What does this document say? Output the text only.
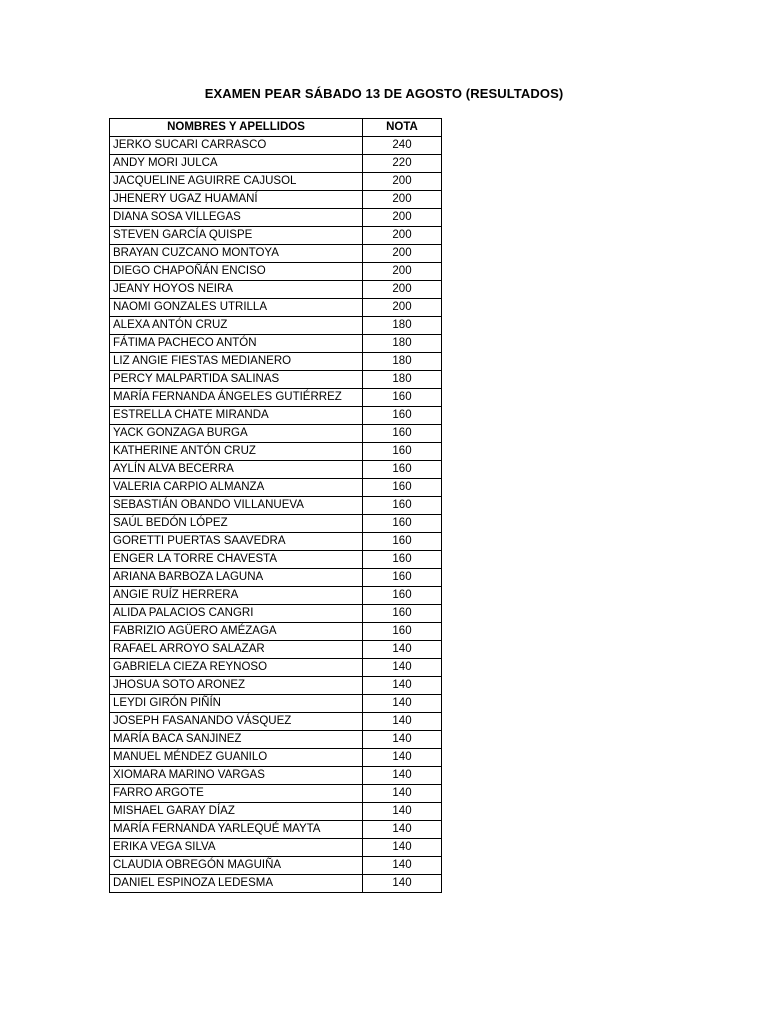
EXAMEN PEAR SÁBADO 13 DE AGOSTO (RESULTADOS)
NOMBRES Y APELLIDOS	NOTA
JERKO SUCARI CARRASCO	240
ANDY MORI JULCA	220
JACQUELINE AGUIRRE CAJUSOL	200
JHENERY UGAZ HUAMANÍ	200
DIANA SOSA VILLEGAS	200
STEVEN GARCÍA QUISPE	200
BRAYAN CUZCANO MONTOYA	200
DIEGO CHAPOÑÁN ENCISO	200
JEANY HOYOS NEIRA	200
NAOMI GONZALES UTRILLA	200
ALEXA ANTÓN CRUZ	180
FÁTIMA PACHECO ANTÓN	180
LIZ ANGIE FIESTAS MEDIANERO	180
PERCY MALPARTIDA SALINAS	180
MARÍA FERNANDA ÁNGELES GUTIÉRREZ	160
ESTRELLA CHATE MIRANDA	160
YACK GONZAGA BURGA	160
KATHERINE ANTÓN CRUZ	160
AYLÍN ALVA BECERRA	160
VALERIA CARPIO ALMANZA	160
SEBASTIÁN OBANDO VILLANUEVA	160
SAÚL BEDÓN LÓPEZ	160
GORETTI PUERTAS SAAVEDRA	160
ENGER LA TORRE CHAVESTA	160
ARIANA BARBOZA LAGUNA	160
ANGIE RUÍZ HERRERA	160
ALIDA PALACIOS CANGRI	160
FABRIZIO AGÜERO AMÉZAGA	160
RAFAEL ARROYO SALAZAR	140
GABRIELA CIEZA REYNOSO	140
JHOSUA SOTO ARONEZ	140
LEYDI GIRÓN PIÑÍN	140
JOSEPH FASANANDO VÁSQUEZ	140
MARÍA BACA SANJINEZ	140
MANUEL MÉNDEZ GUANILO	140
XIOMARA MARINO VARGAS	140
FARRO ARGOTE	140
MISHAEL GARAY DÍAZ	140
MARÍA FERNANDA YARLEQUÉ MAYTA	140
ERIKA VEGA SILVA	140
CLAUDIA OBREGÓN MAGUIÑA	140
DANIEL ESPINOZA LEDESMA	140
